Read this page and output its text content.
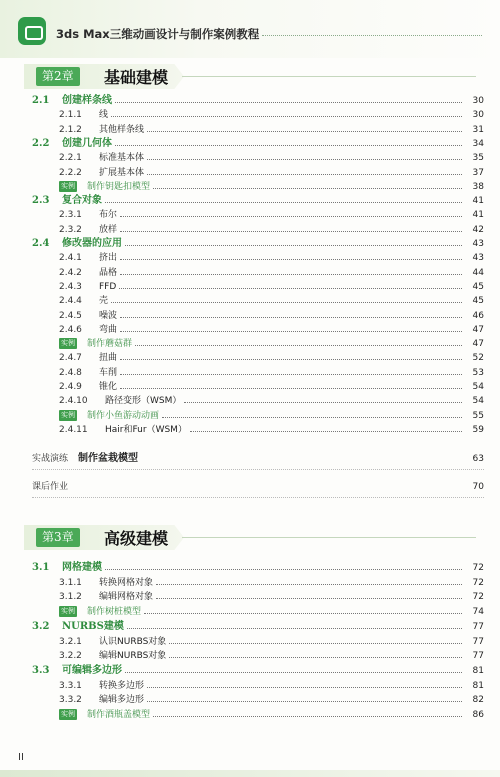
3ds Max三维动画设计与制作案例教程
第2章	基础建模
2.1	创建样条线	30
2.1.1	线	30
2.1.2	其他样条线	31
2.2	创建几何体	34
2.2.1	标准基本体	35
2.2.2	扩展基本体	37
实例 制作钥匙扣模型	38
2.3	复合对象	41
2.3.1	布尔	41
2.3.2	放样	42
2.4	修改器的应用	43
2.4.1	挤出	43
2.4.2	晶格	44
2.4.3	FFD	45
2.4.4	壳	45
2.4.5	噪波	46
2.4.6	弯曲	47
实例 制作蘑菇群	47
2.4.7	扭曲	52
2.4.8	车削	53
2.4.9	锥化	54
2.4.10	路径变形（WSM）	54
实例 制作小鱼游动动画	55
2.4.11	Hair和Fur（WSM）	59
实战演练 制作盆栽模型	63
课后作业	70
第3章	高级建模
3.1	网格建模	72
3.1.1	转换网格对象	72
3.1.2	编辑网格对象	72
实例 制作树桩模型	74
3.2	NURBS建模	77
3.2.1	认识NURBS对象	77
3.2.2	编辑NURBS对象	77
3.3	可编辑多边形	81
3.3.1	转换多边形	81
3.3.2	编辑多边形	82
实例 制作酒瓶盖模型	86
II
